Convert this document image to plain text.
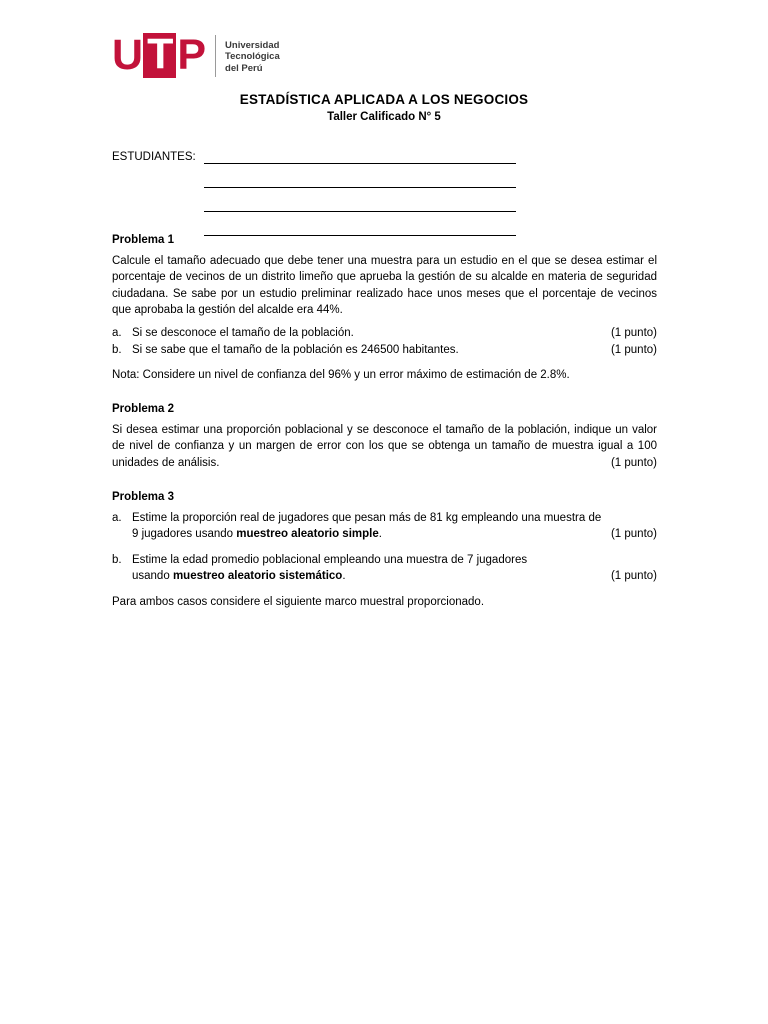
U T P Universidad
Tecnológica
del Perú
ESTADÍSTICA APLICADA A LOS NEGOCIOS
Taller Calificado N° 5
ESTUDIANTES:
Problema 1
Calcule el tamaño adecuado que debe tener una muestra para un estudio en el que se desea estimar el porcentaje de vecinos de un distrito limeño que aprueba la gestión de su alcalde en materia de seguridad ciudadana. Se sabe por un estudio preliminar realizado hace unos meses que el porcentaje de vecinos que aprobaba la gestión del alcalde era 44%.
a. Si se desconoce el tamaño de la población.	(1 punto)
b. Si se sabe que el tamaño de la población es 246500 habitantes.	(1 punto)
Nota: Considere un nivel de confianza del 96% y un error máximo de estimación de 2.8%.
Problema 2
Si desea estimar una proporción poblacional y se desconoce el tamaño de la población, indique un valor de nivel de confianza y un margen de error con los que se obtenga un tamaño de muestra igual a 100 unidades de análisis.	(1 punto)
Problema 3
a. Estime la proporción real de jugadores que pesan más de 81 kg empleando una muestra de
9 jugadores usando muestreo aleatorio simple.	(1 punto)
b. Estime la edad promedio poblacional empleando una muestra de 7 jugadores
usando muestreo aleatorio sistemático.	(1 punto)
Para ambos casos considere el siguiente marco muestral proporcionado.
